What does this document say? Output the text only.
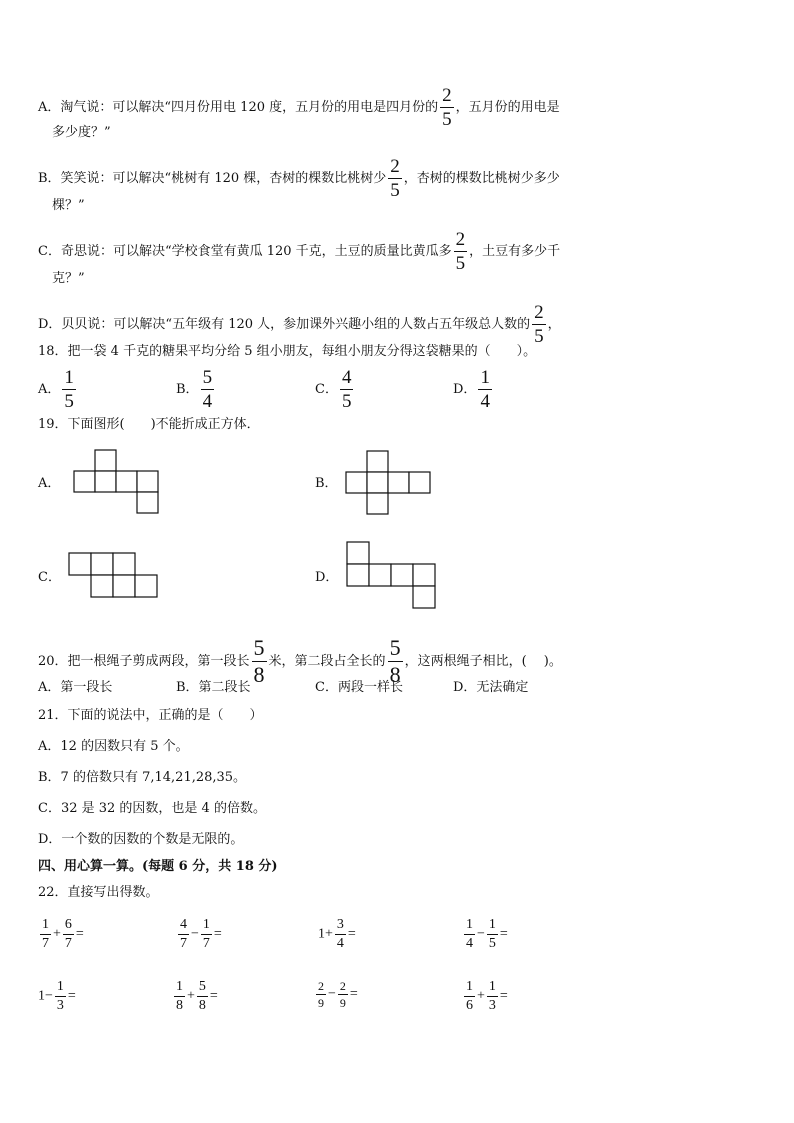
A．淘气说：可以解决“四月份用电 120 度，五月份的用电是四月份的 $\frac{2}{5}$ ，五月份的用电是
多少度？”
B．笑笑说：可以解决“桃树有 120 棵，杏树的棵数比桃树少 $\frac{2}{5}$ ，杏树的棵数比桃树少多少
棵？”
C．奇思说：可以解决“学校食堂有黄瓜 120 千克，土豆的质量比黄瓜多 $\frac{2}{5}$ ，土豆有多少千
克？”
D．贝贝说：可以解决“五年级有 120 人，参加课外兴趣小组的人数占五年级总人数的 $\frac{2}{5}$ ，
18．把一袋 4 千克的糖果平均分给 5 组小朋友，每组小朋友分得这袋糖果的（　　）。
A． $\frac{1}{5}$	B． $\frac{5}{4}$	C． $\frac{4}{5}$	D． $\frac{1}{4}$
19．下面图形(　　)不能折成正方体．
A．	B．
C．	D．
20．把一根绳子剪成两段，第一段长 $\frac{5}{8}$ 米，第二段占全长的 $\frac{5}{8}$ ，这两根绳子相比，(　 )。
A．第一段长	B．第二段长	C．两段一样长	D．无法确定
21．下面的说法中，正确的是（　　）
A．12 的因数只有 5 个。
B．7 的倍数只有 7,14,21,28,35。
C．32 是 32 的因数，也是 4 的倍数。
D．一个数的因数的个数是无限的。
四、用心算一算。(每题 6 分，共 18 分)
22．直接写出得数。
$\frac{1}{7} + \frac{6}{7}$ =	$\frac{4}{7} - \frac{1}{7}$ =	$1+ \frac{3}{4}$ =	$\frac{1}{4} - \frac{1}{5}$ =
$1- \frac{1}{3}$ =	$\frac{1}{8} + \frac{5}{8}$ =	$\frac{2}{9} - \frac{2}{9}$ =	$\frac{1}{6} + \frac{1}{3}$ =
